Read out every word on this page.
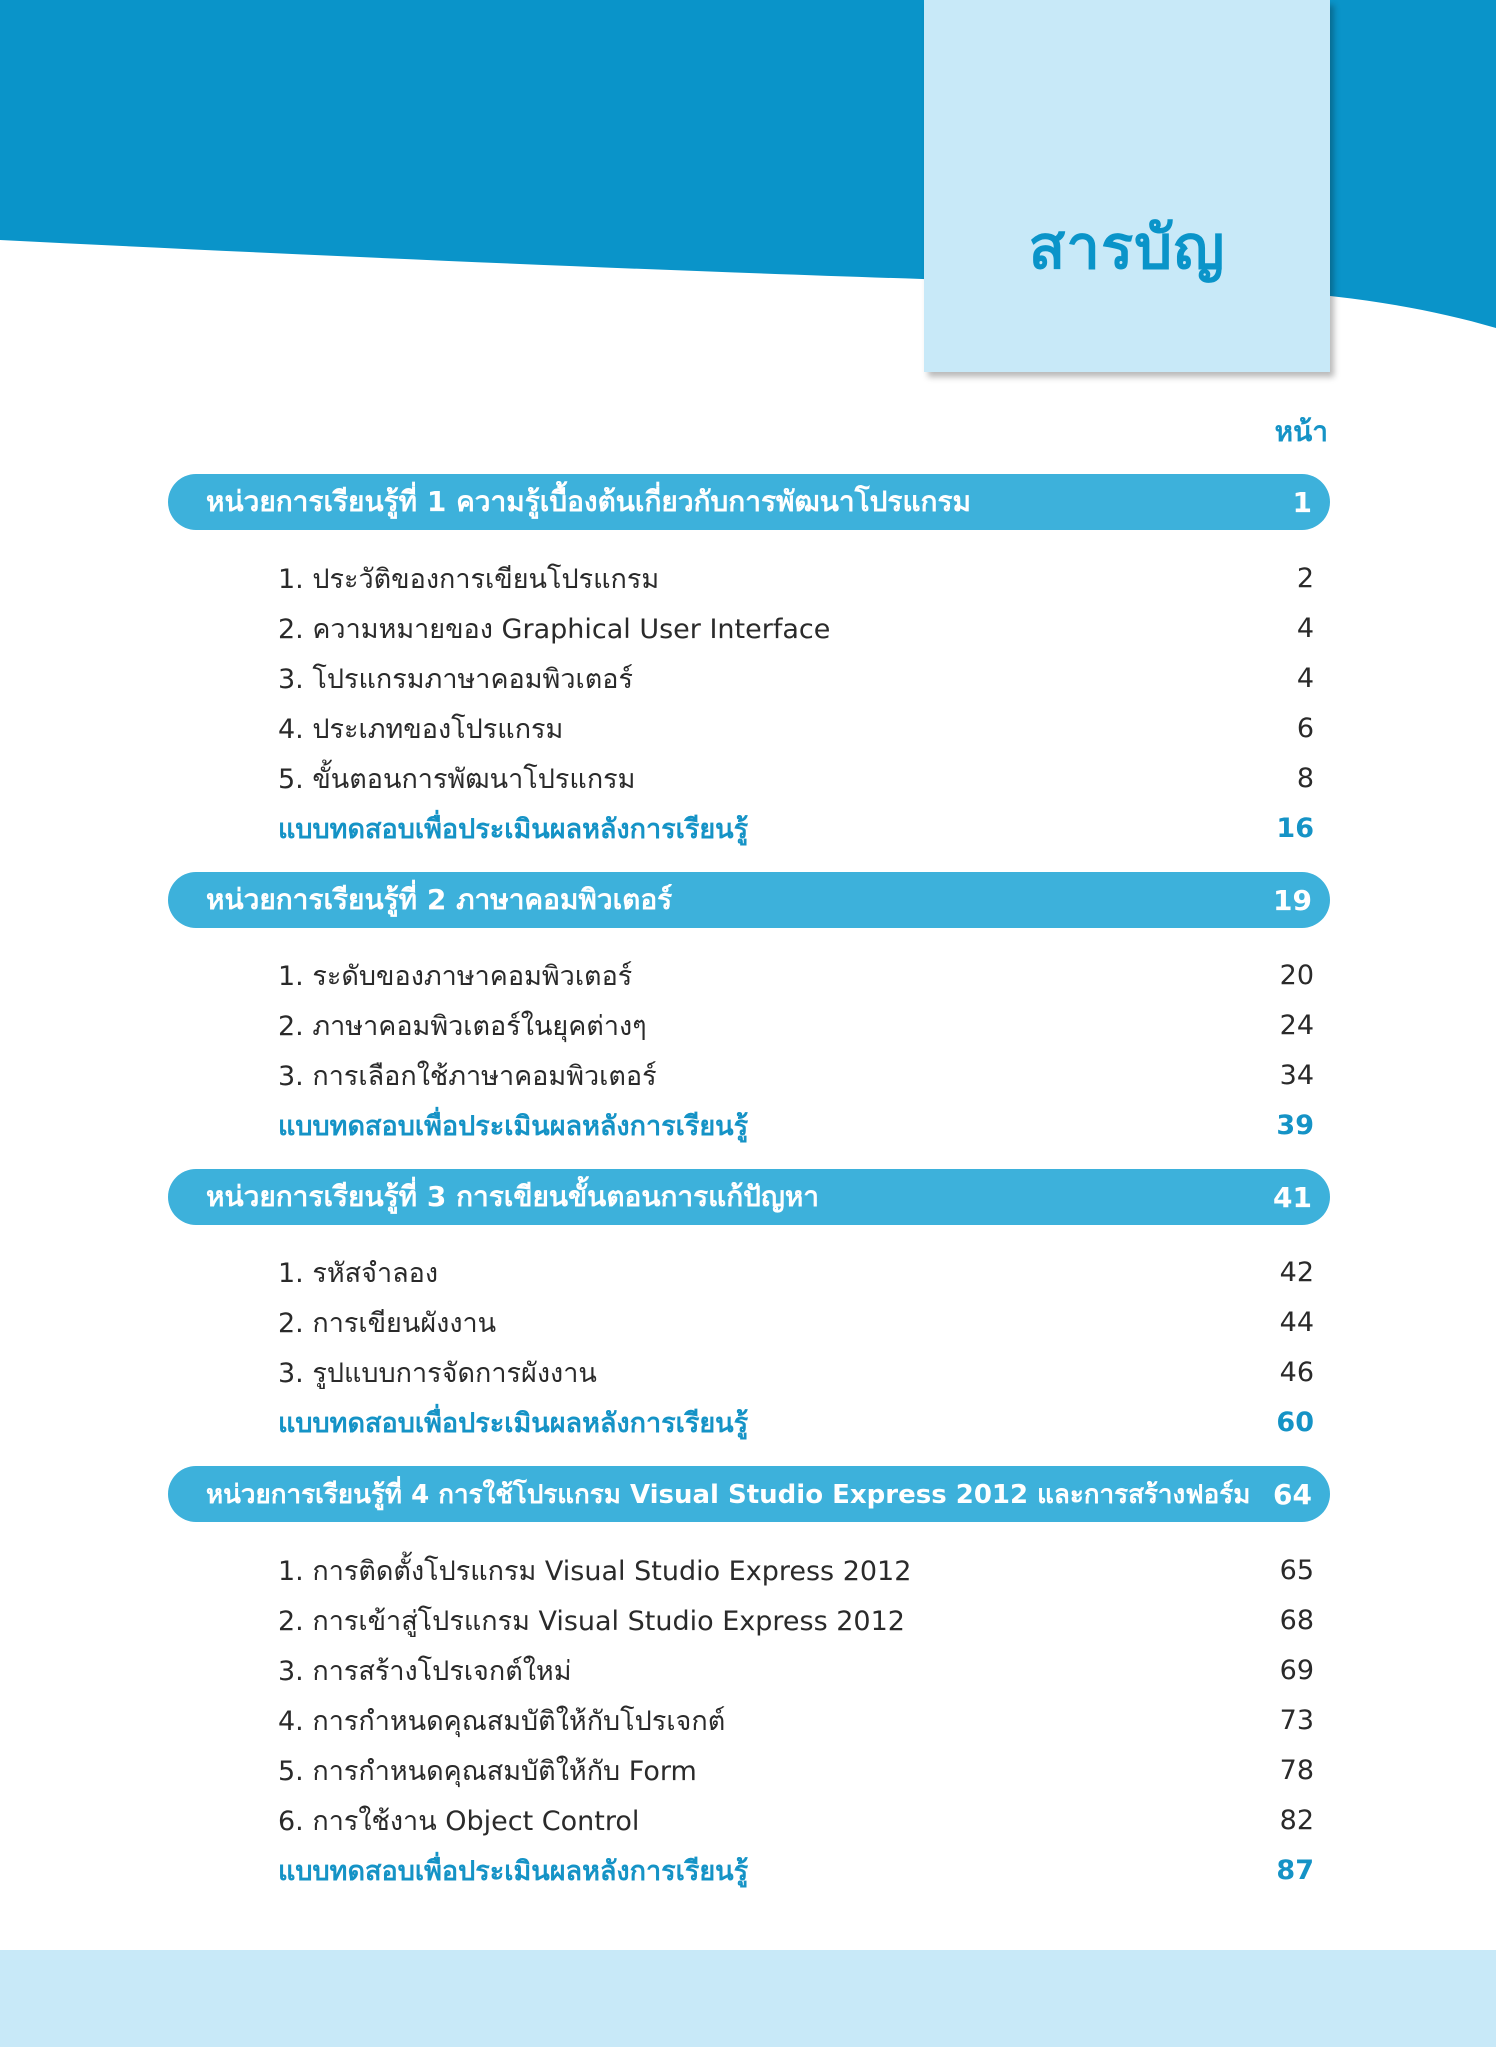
สารบัญ
หน้า
หน่วยการเรียนรู้ที่ 1 ความรู้เบื้องต้นเกี่ยวกับการพัฒนาโปรแกรม	1
1. ประวัติของการเขียนโปรแกรม	2
2. ความหมายของ Graphical User Interface	4
3. โปรแกรมภาษาคอมพิวเตอร์	4
4. ประเภทของโปรแกรม	6
5. ขั้นตอนการพัฒนาโปรแกรม	8
แบบทดสอบเพื่อประเมินผลหลังการเรียนรู้	16
หน่วยการเรียนรู้ที่ 2 ภาษาคอมพิวเตอร์	19
1. ระดับของภาษาคอมพิวเตอร์	20
2. ภาษาคอมพิวเตอร์ในยุคต่างๆ	24
3. การเลือกใช้ภาษาคอมพิวเตอร์	34
แบบทดสอบเพื่อประเมินผลหลังการเรียนรู้	39
หน่วยการเรียนรู้ที่ 3 การเขียนขั้นตอนการแก้ปัญหา	41
1. รหัสจำลอง	42
2. การเขียนผังงาน	44
3. รูปแบบการจัดการผังงาน	46
แบบทดสอบเพื่อประเมินผลหลังการเรียนรู้	60
หน่วยการเรียนรู้ที่ 4 การใช้โปรแกรม Visual Studio Express 2012 และการสร้างฟอร์ม 64
1. การติดตั้งโปรแกรม Visual Studio Express 2012	65
2. การเข้าสู่โปรแกรม Visual Studio Express 2012	68
3. การสร้างโปรเจกต์ใหม่	69
4. การกำหนดคุณสมบัติให้กับโปรเจกต์	73
5. การกำหนดคุณสมบัติให้กับ Form	78
6. การใช้งาน Object Control	82
แบบทดสอบเพื่อประเมินผลหลังการเรียนรู้	87
